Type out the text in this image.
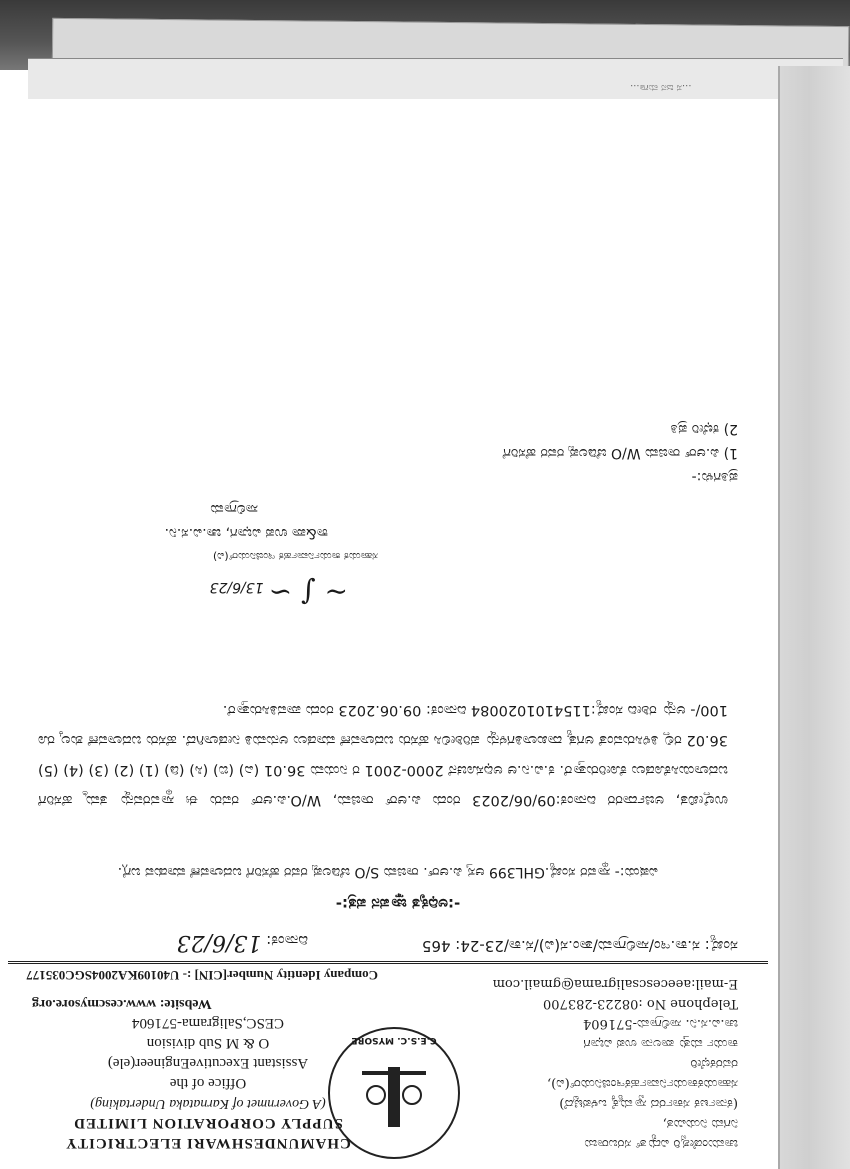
...ಸ ಜನ ಮಗಾ...
ಚಾಮುಂಡೇಶ್ವರಿ ವಿದ್ಯುತ್ ಸರಬರಾಜು
ನಿಗಮ ನಿಯಮಿತ,
(ಕರ್ನಾಟಕ ಸರ್ಕಾರದ ಸ್ವಾಮ್ಯಕ್ಕೆ ಒಳಪಟ್ಟಿದೆ)
ಸಹಾಯಕಕಾರ್ಯನಿರ್ವಾಹಕಇಂಜಿನಿಯರ್(ವಿ),
ರವರಕಛೇರಿ
ಕಾರ್ಯ ಮತ್ತು ಪಾಲನಾ ಉಪ ವಿಭಾಗ
ಚಾ.ವಿ.ಸ.ನಿ. ಸಾಲಿಗ್ರಾಮ-571604
Telephone No :08223-283700
E-mail:aeecescsaligrama@gmail.com
C.E.S.C. MYSORE
CHAMUNDESHWARI ELECTRICITY
SUPPLY CORPORATION LIMITED
(A Governmet of Karnataka Undertaking)
Office of the
Assistant ExecutiveEngineer(ele)
O & M Sub division
CESC,Saligrama-571604
Website: www.cescmysore.org
Company Identity Number[CIN] :- U40109KA2004SGC035177
ಸಂಖ್ಯೆ: ಸ.ಕಾ.ಇಂ/ಸಾಲಿಗ್ರಾಮ/ತಾಂ.ಸ(ವಿ)/ಸ.ಕಾ/23-24: 465
ದಿನಾಂಕ: 13/6/23
-:ಅಧಿಕೃತ ಜ್ಞಾಪನ ಪತ್ರ:-
ವಿಷಯ:- ಸ್ಥಾವರ ಸಂಖ್ಯೆ.GHL399 ಆಸ್ತ ಪಿ.ಆರ್. ರಾಜಿಮ S/O ಜೆಡಿಲಪ್ಪ ರವರ ಹೆಸರಿಗೆ ಬದಲಾವಣೆ ಮಾಡುವ ಬಗ್ಗೆ.
ಉಲ್ಲೇಖಿತ, ಅರ್ಜಿದಾರರ ದಿನಾಂಕ:09/06/2023 ರಂದು ಪಿ.ಆರ್ ರಾಜಿಮ, W/O.ಪಿ.ಆರ್ ರವರು ಈ ಸ್ಥಾವರವನ್ನು ತಮ್ಮ ಹೆಸರಿಗೆ ಬದಲಾಯಿಸಿಕೊಡಲು ಕೋರಿರುತ್ತಾರೆ. ಕ.ವಿ.ನಿ.ಆ ಅಧಿಸೂಚನೆ 2000-2001 ರ ನಿಯಮ 36.01 (ಎ) (ಬಿ) (ಸಿ) (ಡಿ) (1) (2) (3) (4) (5) 36.02 ರಲ್ಲಿ ತಿಳಿಸಿರುವಂತೆ ಅಗತ್ಯ ದಾಖಲಾತಿಗಳನ್ನು ಪರಿಶೀಲಿಸಿ ಹೆಸರು ಬದಲಾವಣೆ ಮಾಡಲು ಅನುಮತಿ ನೀಡಲಾಗಿದೆ. ಹೆಸರು ಬದಲಾವಣೆ ಶುಲ್ಕ ರೂ 100/- ಅನ್ನು ರಶೀದಿ ಸಂಖ್ಯೆ:1154101020084 ದಿನಾಂಕ: 09.06.2023 ರಂದು ಪಾವತಿಸಿರುತ್ತಾರೆ.
~ ∫ ∽ 13/6/23
ಸಹಾಯಕ ಕಾರ್ಯನಿರ್ವಾಹಕ ಇಂಜಿನಿಯರ್(ವಿ)
ಕಾ&ಪಾ ಉಪ ವಿಭಾಗ, ಚಾ.ವಿ.ಸ.ನಿ.
ಸಾಲಿಗ್ರಾಮ
ಪ್ರತಿಗಳು:-
1) ಪಿ.ಆರ್ ರಾಜಿಮ W/O ಜೆಡಿಲಪ್ಪ ರವರ ಹೆಸರಿಗೆ
2) ಕಛೇರಿ ಪ್ರತಿ
